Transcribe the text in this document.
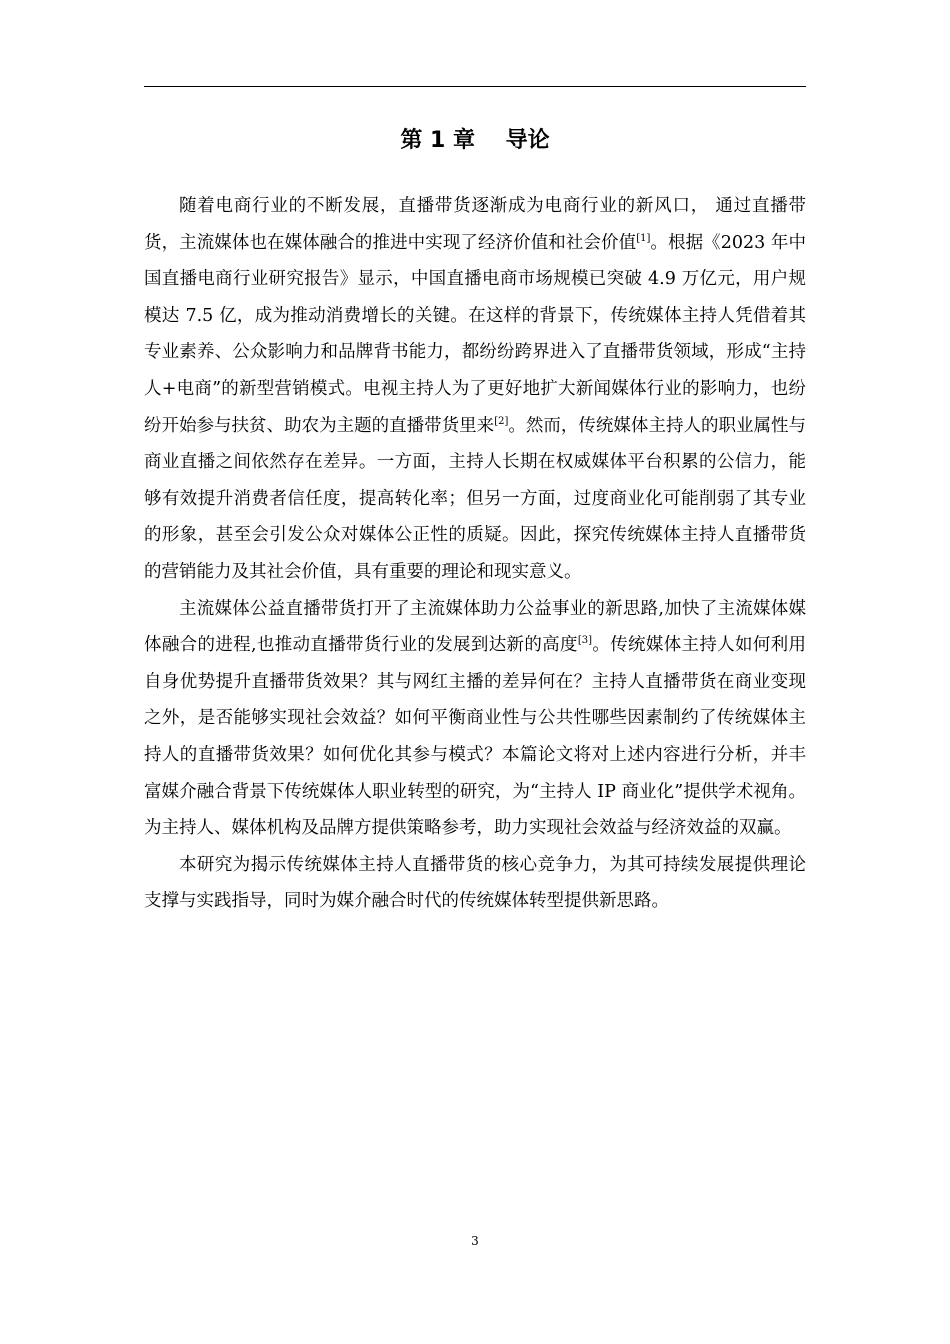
第 1 章    导论

随着电商行业的不断发展，直播带货逐渐成为电商行业的新风口， 通过直播带货，主流媒体也在媒体融合的推进中实现了经济价值和社会价值[1]。根据《2023 年中国直播电商行业研究报告》显示，中国直播电商市场规模已突破 4.9 万亿元，用户规模达 7.5 亿，成为推动消费增长的关键。在这样的背景下，传统媒体主持人凭借着其专业素养、公众影响力和品牌背书能力，都纷纷跨界进入了直播带货领域，形成“主持人+电商”的新型营销模式。电视主持人为了更好地扩大新闻媒体行业的影响力，也纷纷开始参与扶贫、助农为主题的直播带货里来[2]。然而，传统媒体主持人的职业属性与商业直播之间依然存在差异。一方面，主持人长期在权威媒体平台积累的公信力，能够有效提升消费者信任度，提高转化率；但另一方面，过度商业化可能削弱了其专业的形象，甚至会引发公众对媒体公正性的质疑。因此，探究传统媒体主持人直播带货的营销能力及其社会价值，具有重要的理论和现实意义。

主流媒体公益直播带货打开了主流媒体助力公益事业的新思路,加快了主流媒体媒体融合的进程,也推动直播带货行业的发展到达新的高度[3]。传统媒体主持人如何利用自身优势提升直播带货效果？其与网红主播的差异何在？主持人直播带货在商业变现之外，是否能够实现社会效益？如何平衡商业性与公共性哪些因素制约了传统媒体主持人的直播带货效果？如何优化其参与模式？本篇论文将对上述内容进行分析，并丰富媒介融合背景下传统媒体人职业转型的研究，为“主持人 IP 商业化”提供学术视角。为主持人、媒体机构及品牌方提供策略参考，助力实现社会效益与经济效益的双赢。

本研究为揭示传统媒体主持人直播带货的核心竞争力，为其可持续发展提供理论支撑与实践指导，同时为媒介融合时代的传统媒体转型提供新思路。

3
